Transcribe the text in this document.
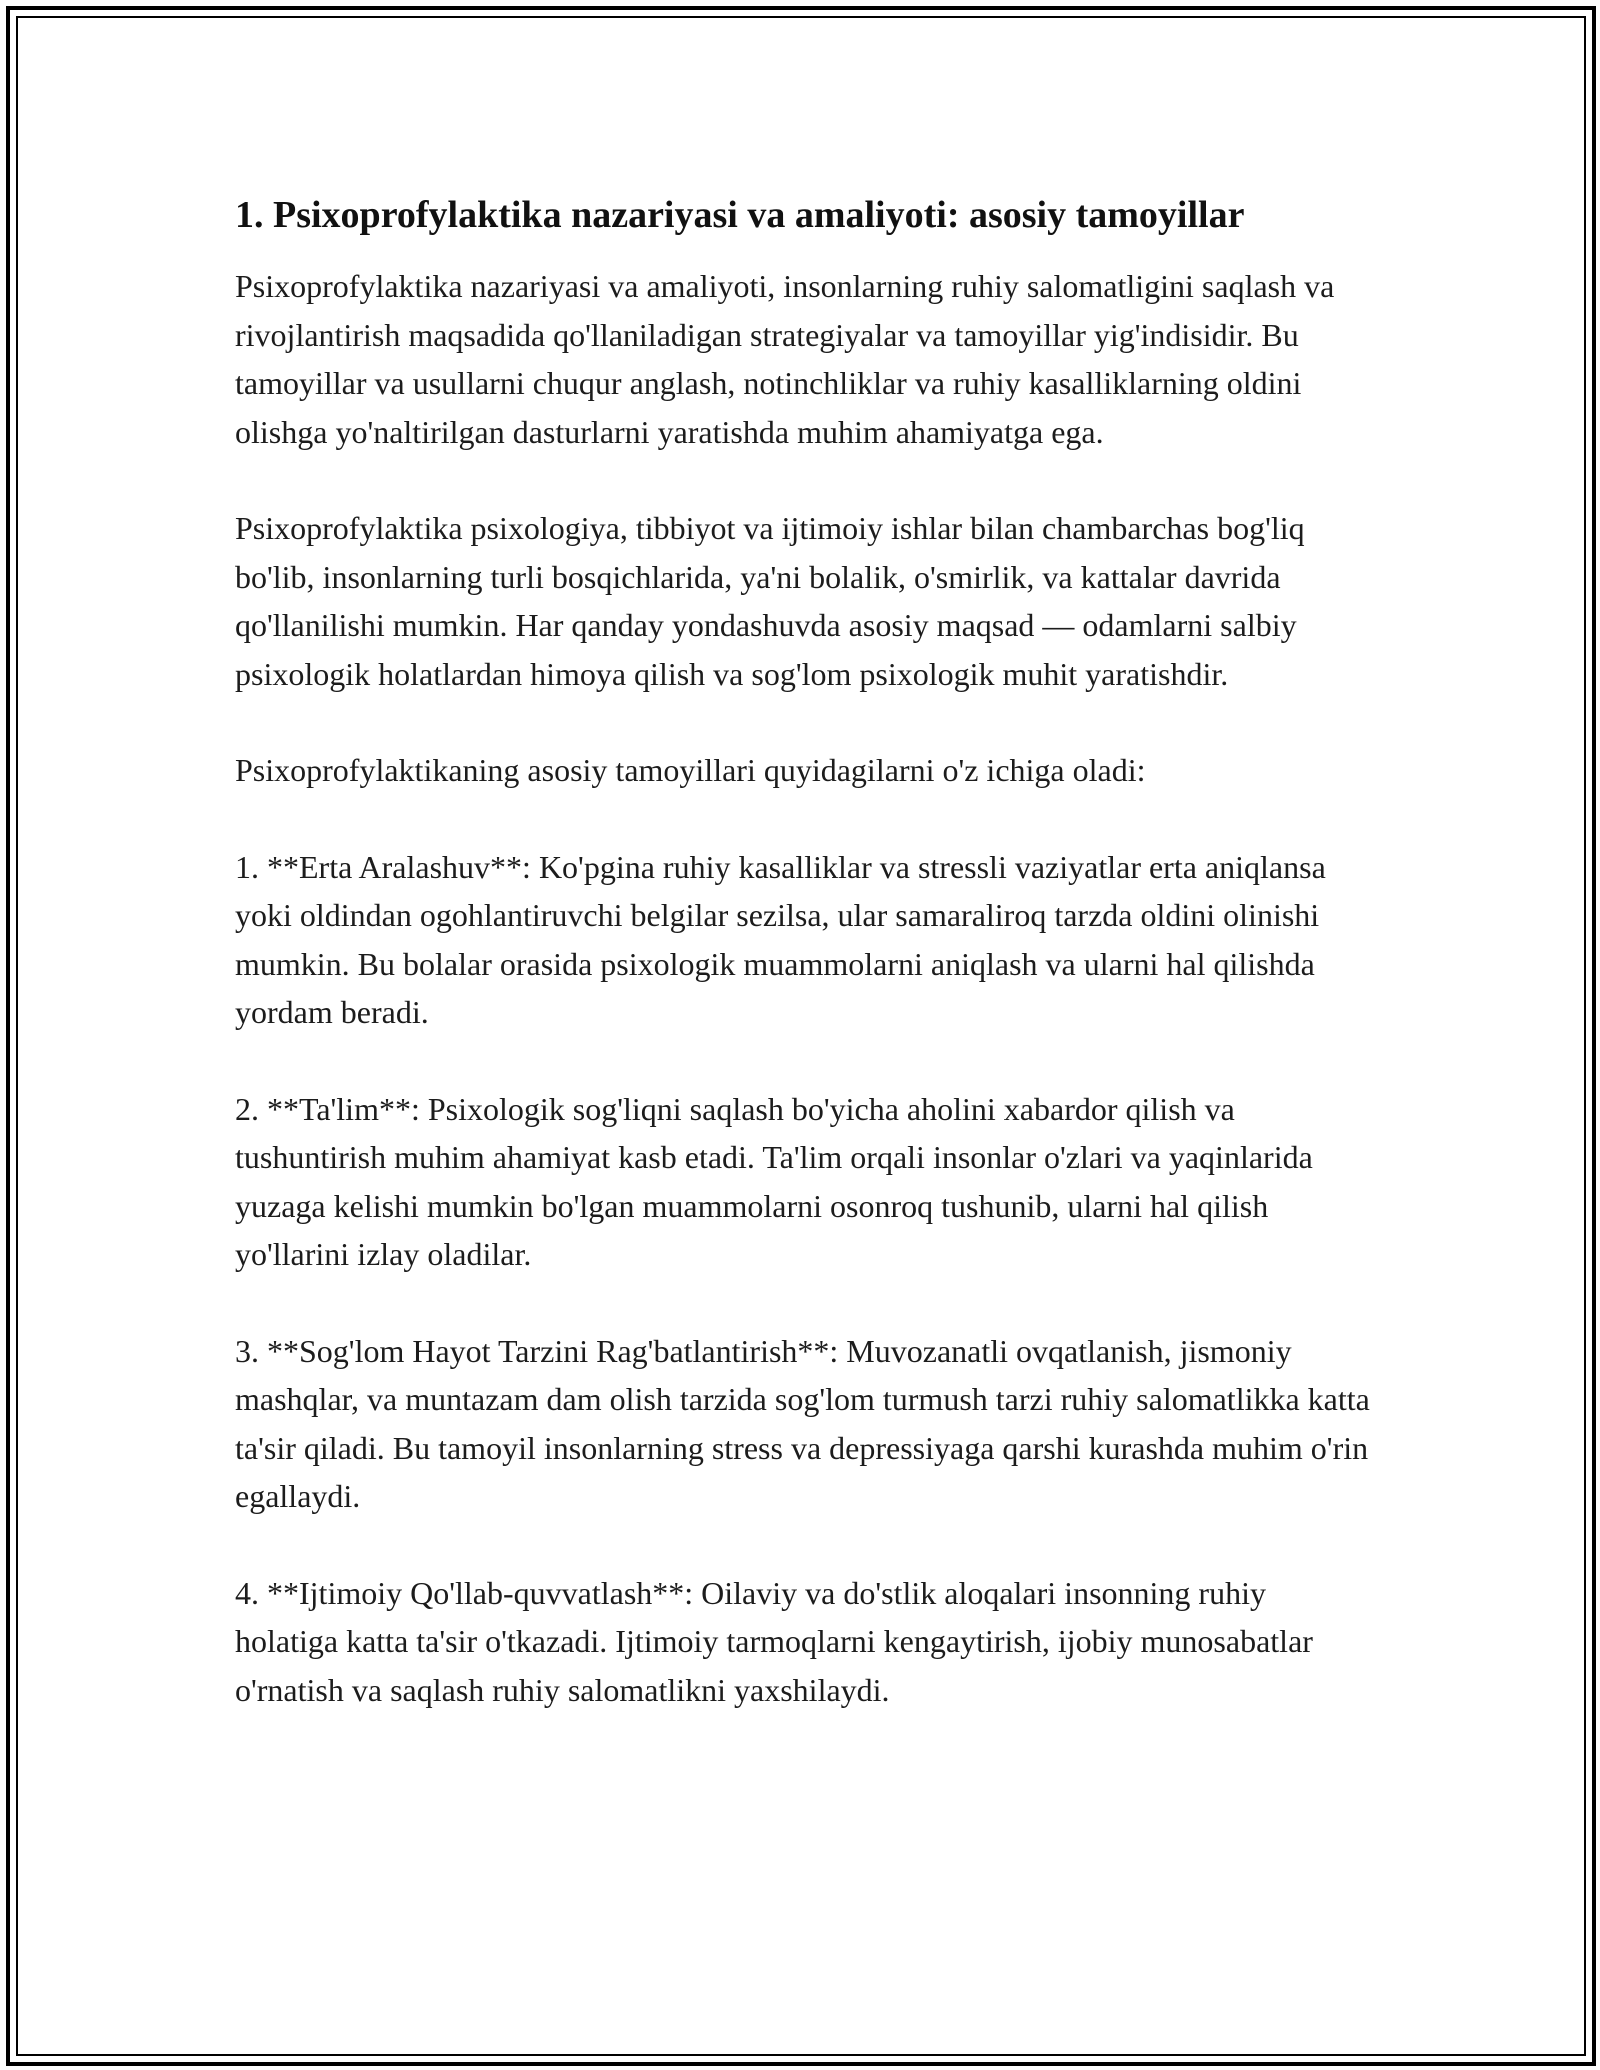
1. Psixoprofylaktika nazariyasi va amaliyoti: asosiy tamoyillar

Psixoprofylaktika nazariyasi va amaliyoti, insonlarning ruhiy salomatligini saqlash va rivojlantirish maqsadida qo'llaniladigan strategiyalar va tamoyillar yig'indisidir. Bu tamoyillar va usullarni chuqur anglash, notinchliklar va ruhiy kasalliklarning oldini olishga yo'naltirilgan dasturlarni yaratishda muhim ahamiyatga ega.

Psixoprofylaktika psixologiya, tibbiyot va ijtimoiy ishlar bilan chambarchas bog'liq bo'lib, insonlarning turli bosqichlarida, ya'ni bolalik, o'smirlik, va kattalar davrida qo'llanilishi mumkin. Har qanday yondashuvda asosiy maqsad — odamlarni salbiy psixologik holatlardan himoya qilish va sog'lom psixologik muhit yaratishdir.

Psixoprofylaktikaning asosiy tamoyillari quyidagilarni o'z ichiga oladi:

1. **Erta Aralashuv**: Ko'pgina ruhiy kasalliklar va stressli vaziyatlar erta aniqlansa yoki oldindan ogohlantiruvchi belgilar sezilsa, ular samaraliroq tarzda oldini olinishi mumkin. Bu bolalar orasida psixologik muammolarni aniqlash va ularni hal qilishda yordam beradi.

2. **Ta'lim**: Psixologik sog'liqni saqlash bo'yicha aholini xabardor qilish va tushuntirish muhim ahamiyat kasb etadi. Ta'lim orqali insonlar o'zlari va yaqinlarida yuzaga kelishi mumkin bo'lgan muammolarni osonroq tushunib, ularni hal qilish yo'llarini izlay oladilar.

3. **Sog'lom Hayot Tarzini Rag'batlantirish**: Muvozanatli ovqatlanish, jismoniy mashqlar, va muntazam dam olish tarzida sog'lom turmush tarzi ruhiy salomatlikka katta ta'sir qiladi. Bu tamoyil insonlarning stress va depressiyaga qarshi kurashda muhim o'rin egallaydi.

4. **Ijtimoiy Qo'llab-quvvatlash**: Oilaviy va do'stlik aloqalari insonning ruhiy holatiga katta ta'sir o'tkazadi. Ijtimoiy tarmoqlarni kengaytirish, ijobiy munosabatlar o'rnatish va saqlash ruhiy salomatlikni yaxshilaydi.
